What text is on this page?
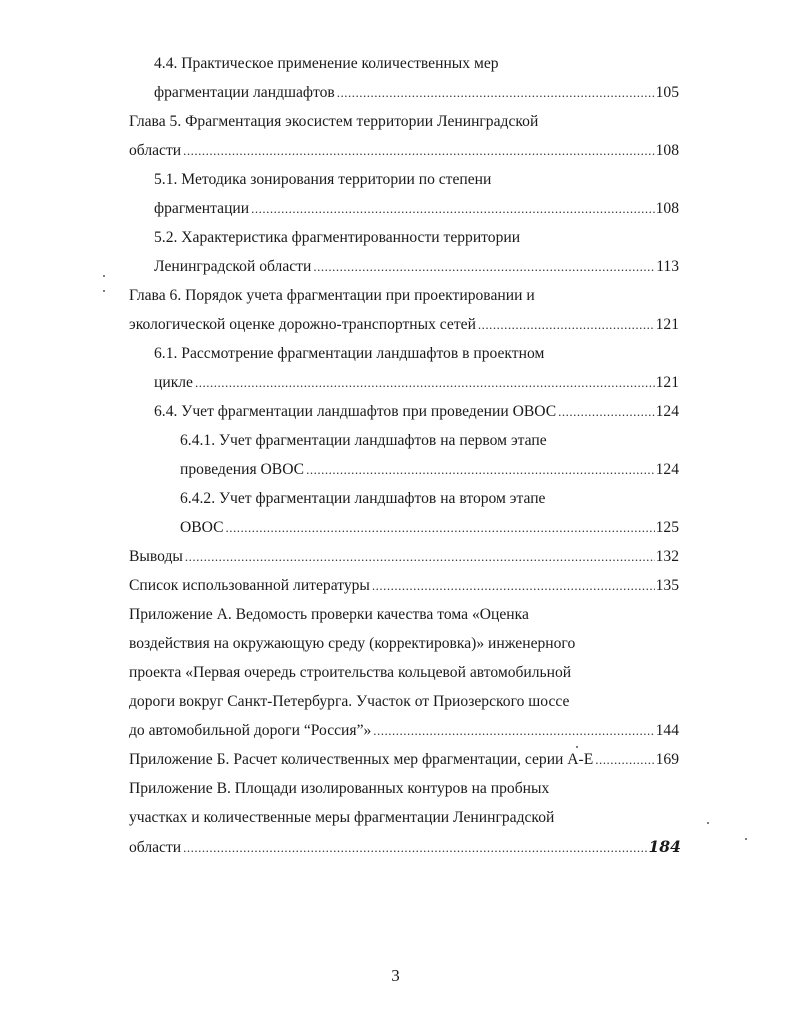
4.4. Практическое применение количественных мер
фрагментации ландшафтов .....	105
Глава 5. Фрагментация экосистем территории Ленинградской
области .....	108
5.1. Методика зонирования территории по степени
фрагментации .....	108
5.2. Характеристика фрагментированности территории
Ленинградской области .....	113
Глава 6. Порядок учета фрагментации при проектировании и
экологической оценке дорожно-транспортных сетей .....	121
6.1. Рассмотрение фрагментации ландшафтов в проектном
цикле .....	121
6.4. Учет фрагментации ландшафтов при проведении ОВОС .....	124
6.4.1. Учет фрагментации ландшафтов на первом этапе
проведения ОВОС .....	124
6.4.2. Учет фрагментации ландшафтов на втором этапе
ОВОС .....	125
Выводы .....	132
Список использованной литературы .....	135
Приложение А. Ведомость проверки качества тома «Оценка
воздействия на окружающую среду (корректировка)» инженерного
проекта «Первая очередь строительства кольцевой автомобильной
дороги вокруг Санкт-Петербурга. Участок от Приозерского шоссе
до автомобильной дороги “Россия”» .....	144
Приложение Б. Расчет количественных мер фрагментации, серии А-Е .....	169
Приложение В. Площади изолированных контуров на пробных
участках и количественные меры фрагментации Ленинградской
области .....	184
3
